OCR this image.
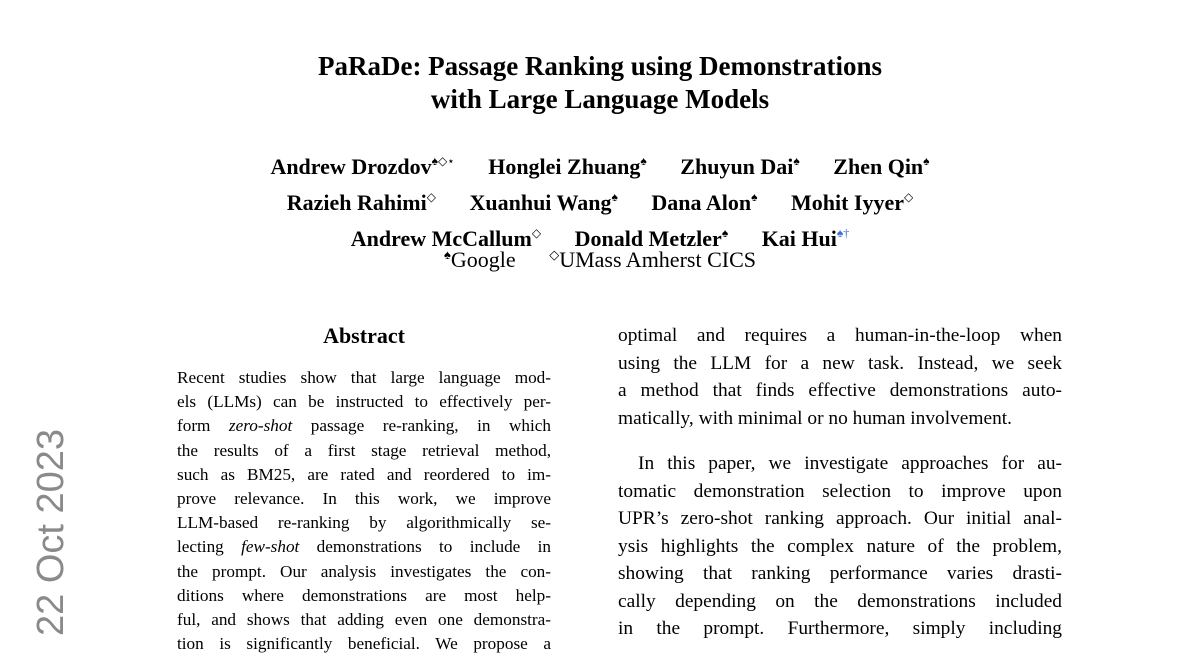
PaRaDe: Passage Ranking using Demonstrations
with Large Language Models
Andrew Drozdov♠◇⋆ Honglei Zhuang♠ Zhuyun Dai♠ Zhen Qin♠
Razieh Rahimi◇ Xuanhui Wang♠ Dana Alon♠ Mohit Iyyer◇
Andrew McCallum◇ Donald Metzler♠ Kai Hui♠†
♠Google	◇UMass Amherst CICS
22 Oct 2023
Abstract
Recent studies show that large language mod-
els (LLMs) can be instructed to effectively per-
form zero-shot passage re-ranking, in which
the results of a first stage retrieval method,
such as BM25, are rated and reordered to im-
prove relevance. In this work, we improve
LLM-based re-ranking by algorithmically se-
lecting few-shot demonstrations to include in
the prompt. Our analysis investigates the con-
ditions where demonstrations are most help-
ful, and shows that adding even one demonstra-
tion is significantly beneficial. We propose a
optimal and requires a human-in-the-loop when
using the LLM for a new task. Instead, we seek
a method that finds effective demonstrations auto-
matically, with minimal or no human involvement.
In this paper, we investigate approaches for au-
tomatic demonstration selection to improve upon
UPR’s zero-shot ranking approach. Our initial anal-
ysis highlights the complex nature of the problem,
showing that ranking performance varies drasti-
cally depending on the demonstrations included
in the prompt. Furthermore, simply including
